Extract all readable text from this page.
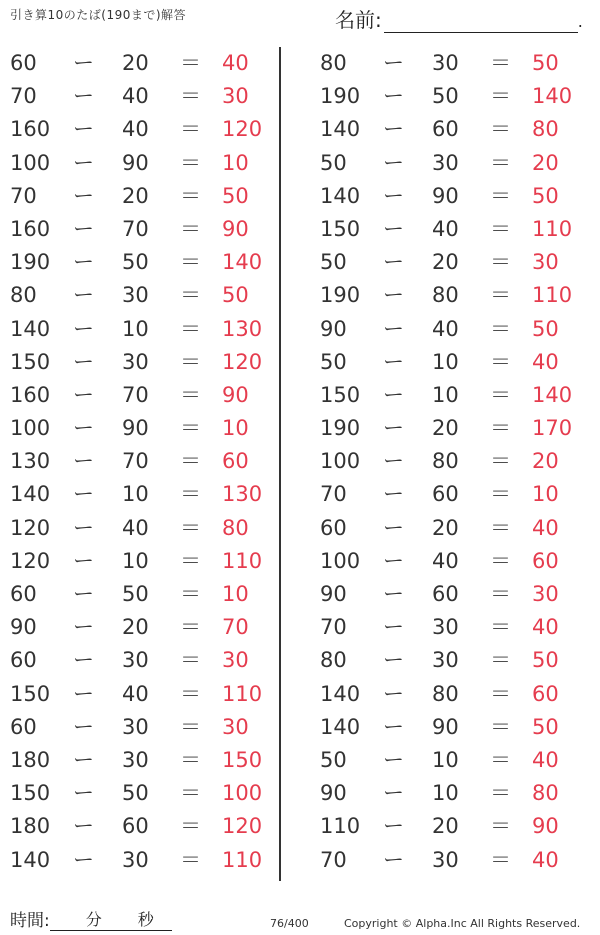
引き算10のたば(190まで)解答	名前:	.
60 ー 20 ＝ 40
70 ー 40 ＝ 30
160 ー 40 ＝ 120
100 ー 90 ＝ 10
70 ー 20 ＝ 50
160 ー 70 ＝ 90
190 ー 50 ＝ 140
80 ー 30 ＝ 50
140 ー 10 ＝ 130
150 ー 30 ＝ 120
160 ー 70 ＝ 90
100 ー 90 ＝ 10
130 ー 70 ＝ 60
140 ー 10 ＝ 130
120 ー 40 ＝ 80
120 ー 10 ＝ 110
60 ー 50 ＝ 10
90 ー 20 ＝ 70
60 ー 30 ＝ 30
150 ー 40 ＝ 110
60 ー 30 ＝ 30
180 ー 30 ＝ 150
150 ー 50 ＝ 100
180 ー 60 ＝ 120
140 ー 30 ＝ 110
80 ー 30 ＝ 50
190 ー 50 ＝ 140
140 ー 60 ＝ 80
50 ー 30 ＝ 20
140 ー 90 ＝ 50
150 ー 40 ＝ 110
50 ー 20 ＝ 30
190 ー 80 ＝ 110
90 ー 40 ＝ 50
50 ー 10 ＝ 40
150 ー 10 ＝ 140
190 ー 20 ＝ 170
100 ー 80 ＝ 20
70 ー 60 ＝ 10
60 ー 20 ＝ 40
100 ー 40 ＝ 60
90 ー 60 ＝ 30
70 ー 30 ＝ 40
80 ー 30 ＝ 50
140 ー 80 ＝ 60
140 ー 90 ＝ 50
50 ー 10 ＝ 40
90 ー 10 ＝ 80
110 ー 20 ＝ 90
70 ー 30 ＝ 40
時間: 分 秒	76/400	Copyright © Alpha.Inc All Rights Reserved.
